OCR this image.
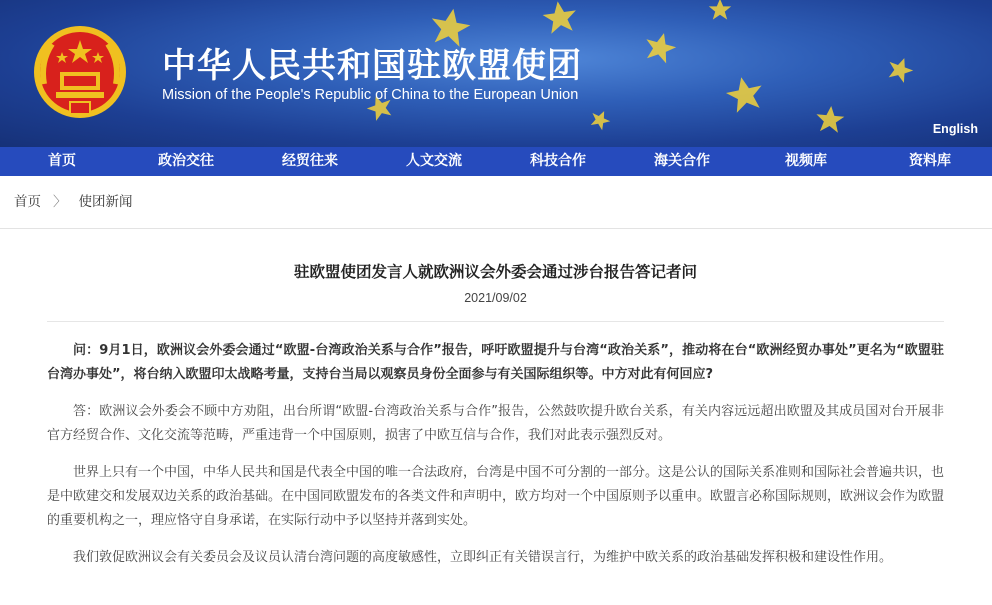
中华人民共和国驻欧盟使团
Mission of the People's Republic of China to the European Union
English
首页	政治交往	经贸往来	人文交流	科技合作	海关合作	视频库	资料库
首页 〉 使团新闻
驻欧盟使团发言人就欧洲议会外委会通过涉台报告答记者问
2021/09/02

问：9月1日，欧洲议会外委会通过“欧盟-台湾政治关系与合作”报告，呼吁欧盟提升与台湾“政治关系”，推动将在台“欧洲经贸办事处”更名为“欧盟驻台湾办事处”，将台纳入欧盟印太战略考量，支持台当局以观察员身份全面参与有关国际组织等。中方对此有何回应?

答：欧洲议会外委会不顾中方劝阻，出台所谓“欧盟-台湾政治关系与合作”报告，公然鼓吹提升欧台关系，有关内容远远超出欧盟及其成员国对台开展非官方经贸合作、文化交流等范畴，严重违背一个中国原则，损害了中欧互信与合作，我们对此表示强烈反对。

世界上只有一个中国，中华人民共和国是代表全中国的唯一合法政府，台湾是中国不可分割的一部分。这是公认的国际关系准则和国际社会普遍共识，也是中欧建交和发展双边关系的政治基础。在中国同欧盟发布的各类文件和声明中，欧方均对一个中国原则予以重申。欧盟言必称国际规则，欧洲议会作为欧盟的重要机构之一，理应恪守自身承诺，在实际行动中予以坚持并落到实处。

我们敦促欧洲议会有关委员会及议员认清台湾问题的高度敏感性，立即纠正有关错误言行，为维护中欧关系的政治基础发挥积极和建设性作用。
